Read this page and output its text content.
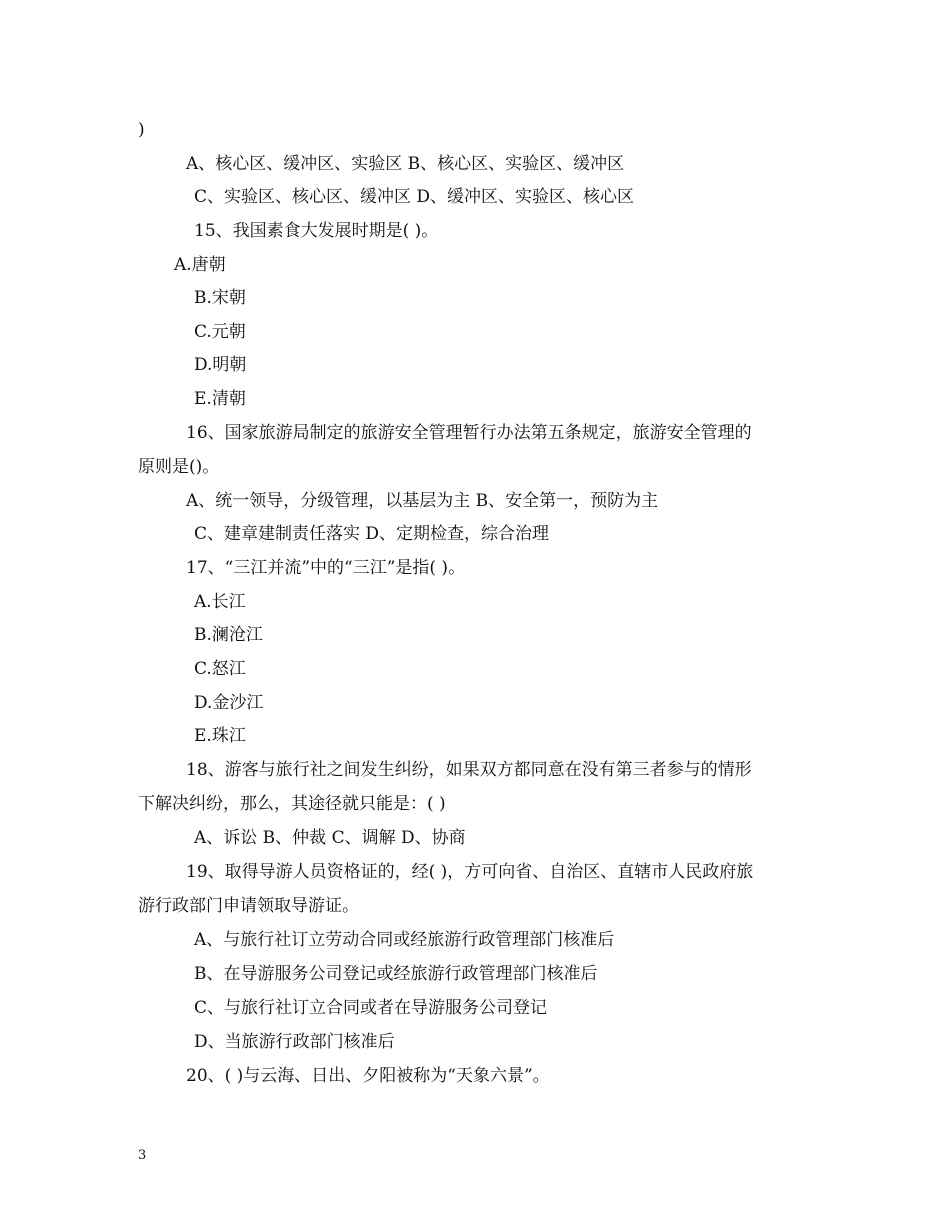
)
A、核心区、缓冲区、实验区 B、核心区、实验区、缓冲区
C、实验区、核心区、缓冲区 D、缓冲区、实验区、核心区
15、我国素食大发展时期是( )。
A.唐朝
B.宋朝
C.元朝
D.明朝
E.清朝
16、国家旅游局制定的旅游安全管理暂行办法第五条规定，旅游安全管理的
原则是()。
A、统一领导，分级管理，以基层为主 B、安全第一，预防为主
C、建章建制责任落实 D、定期检查，综合治理
17、“三江并流”中的“三江”是指( )。
A.长江
B.澜沧江
C.怒江
D.金沙江
E.珠江
18、游客与旅行社之间发生纠纷，如果双方都同意在没有第三者参与的情形
下解决纠纷，那么，其途径就只能是：( )
A、诉讼 B、仲裁 C、调解 D、协商
19、取得导游人员资格证的，经( )，方可向省、自治区、直辖市人民政府旅
游行政部门申请领取导游证。
A、与旅行社订立劳动合同或经旅游行政管理部门核准后
B、在导游服务公司登记或经旅游行政管理部门核准后
C、与旅行社订立合同或者在导游服务公司登记
D、当旅游行政部门核准后
20、( )与云海、日出、夕阳被称为“天象六景”。
3
